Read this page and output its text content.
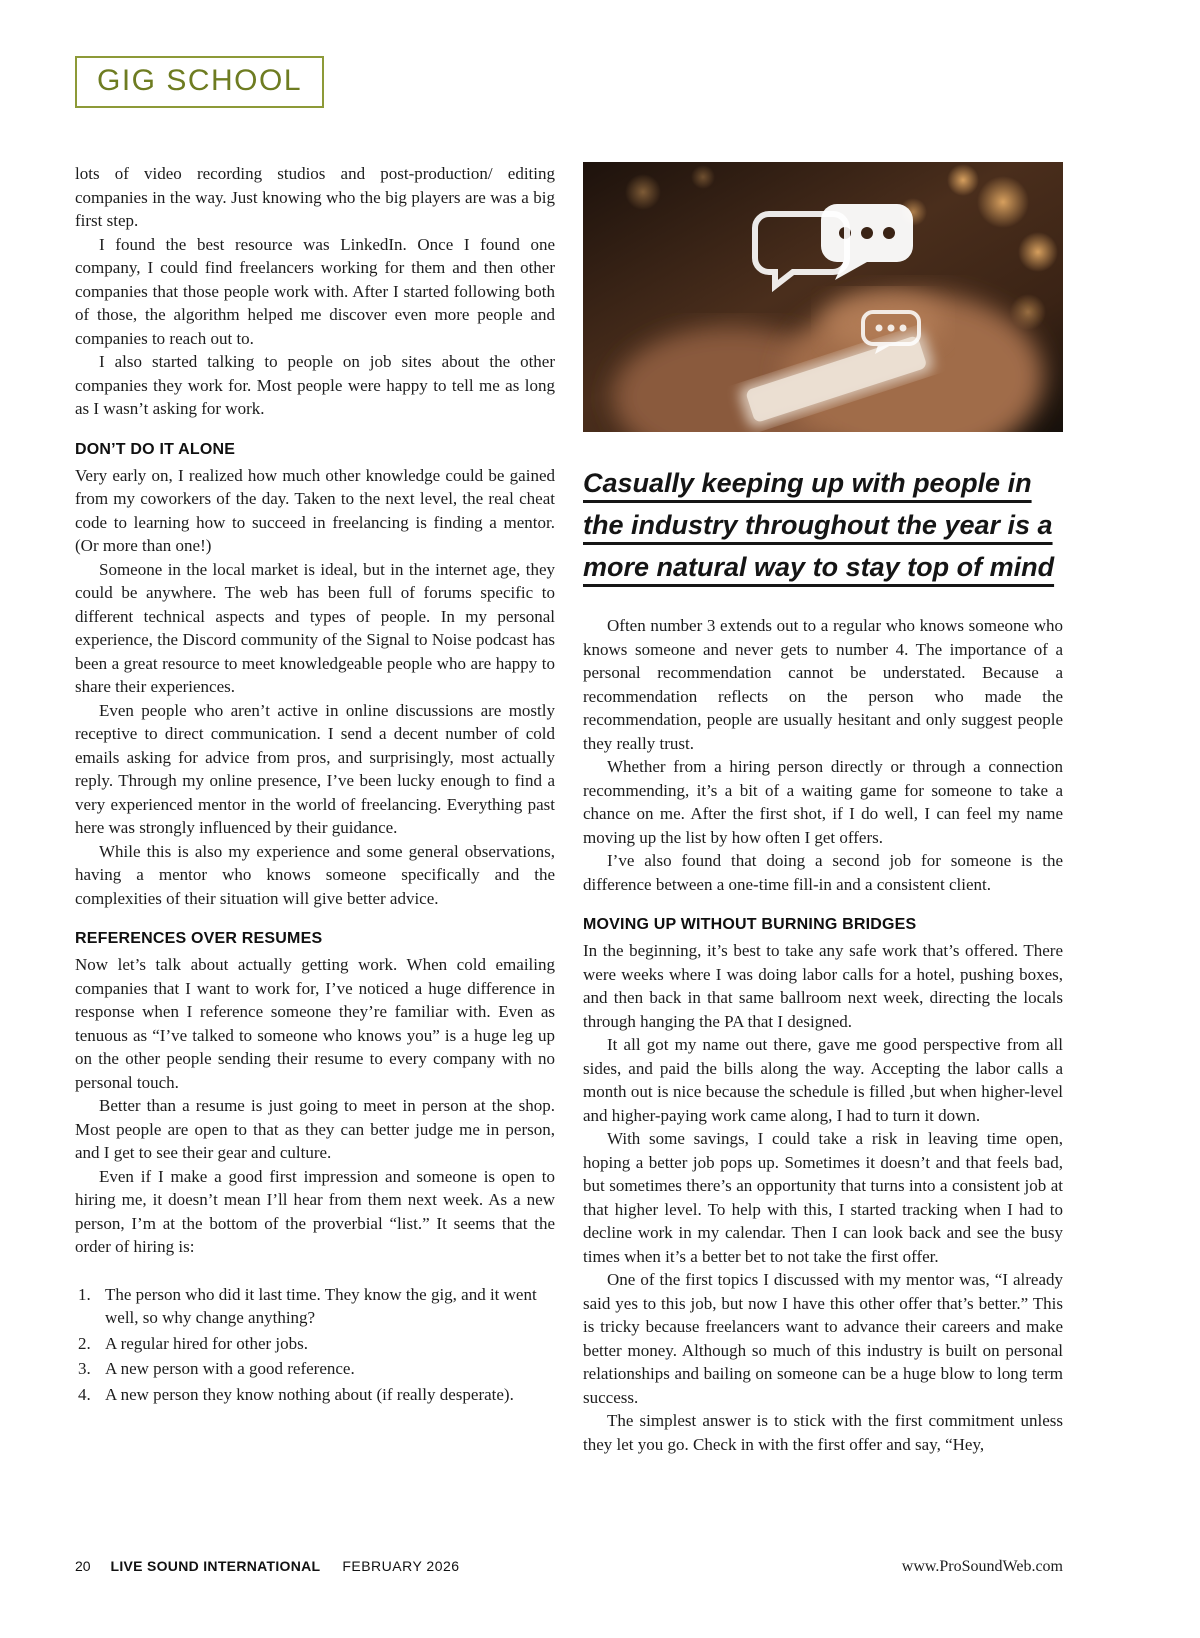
GIG SCHOOL

lots of video recording studios and post-production/ editing companies in the way. Just knowing who the big players are was a big first step.

I found the best resource was LinkedIn. Once I found one company, I could find freelancers working for them and then other companies that those people work with. After I started following both of those, the algorithm helped me discover even more people and companies to reach out to.

I also started talking to people on job sites about the other companies they work for. Most people were happy to tell me as long as I wasn’t asking for work.

DON’T DO IT ALONE

Very early on, I realized how much other knowledge could be gained from my coworkers of the day. Taken to the next level, the real cheat code to learning how to succeed in freelancing is finding a mentor. (Or more than one!)

Someone in the local market is ideal, but in the internet age, they could be anywhere. The web has been full of forums specific to different technical aspects and types of people. In my personal experience, the Discord community of the Signal to Noise podcast has been a great resource to meet knowledgeable people who are happy to share their experiences.

Even people who aren’t active in online discussions are mostly receptive to direct communication. I send a decent number of cold emails asking for advice from pros, and surprisingly, most actually reply. Through my online presence, I’ve been lucky enough to find a very experienced mentor in the world of freelancing. Everything past here was strongly influenced by their guidance.

While this is also my experience and some general observations, having a mentor who knows someone specifically and the complexities of their situation will give better advice.

REFERENCES OVER RESUMES

Now let’s talk about actually getting work. When cold emailing companies that I want to work for, I’ve noticed a huge difference in response when I reference someone they’re familiar with. Even as tenuous as “I’ve talked to someone who knows you” is a huge leg up on the other people sending their resume to every company with no personal touch.

Better than a resume is just going to meet in person at the shop. Most people are open to that as they can better judge me in person, and I get to see their gear and culture.

Even if I make a good first impression and someone is open to hiring me, it doesn’t mean I’ll hear from them next week. As a new person, I’m at the bottom of the proverbial “list.” It seems that the order of hiring is:

1. The person who did it last time. They know the gig, and it went well, so why change anything?
2. A regular hired for other jobs.
3. A new person with a good reference.
4. A new person they know nothing about (if really desperate).
Casually keeping up with people in
the industry throughout the year is a
more natural way to stay top of mind

Often number 3 extends out to a regular who knows someone who knows someone and never gets to number 4. The importance of a personal recommendation cannot be understated. Because a recommendation reflects on the person who made the recommendation, people are usually hesitant and only suggest people they really trust.

Whether from a hiring person directly or through a connection recommending, it’s a bit of a waiting game for someone to take a chance on me. After the first shot, if I do well, I can feel my name moving up the list by how often I get offers.

I’ve also found that doing a second job for someone is the difference between a one-time fill-in and a consistent client.

MOVING UP WITHOUT BURNING BRIDGES

In the beginning, it’s best to take any safe work that’s offered. There were weeks where I was doing labor calls for a hotel, pushing boxes, and then back in that same ballroom next week, directing the locals through hanging the PA that I designed.

It all got my name out there, gave me good perspective from all sides, and paid the bills along the way. Accepting the labor calls a month out is nice because the schedule is filled ,but when higher-level and higher-paying work came along, I had to turn it down.

With some savings, I could take a risk in leaving time open, hoping a better job pops up. Sometimes it doesn’t and that feels bad, but sometimes there’s an opportunity that turns into a consistent job at that higher level. To help with this, I started tracking when I had to decline work in my calendar. Then I can look back and see the busy times when it’s a better bet to not take the first offer.

One of the first topics I discussed with my mentor was, “I already said yes to this job, but now I have this other offer that’s better.” This is tricky because freelancers want to advance their careers and make better money. Although so much of this industry is built on personal relationships and bailing on someone can be a huge blow to long term success.

The simplest answer is to stick with the first commitment unless they let you go. Check in with the first offer and say, “Hey,

20 LIVE SOUND INTERNATIONAL FEBRUARY 2026	www.ProSoundWeb.com
